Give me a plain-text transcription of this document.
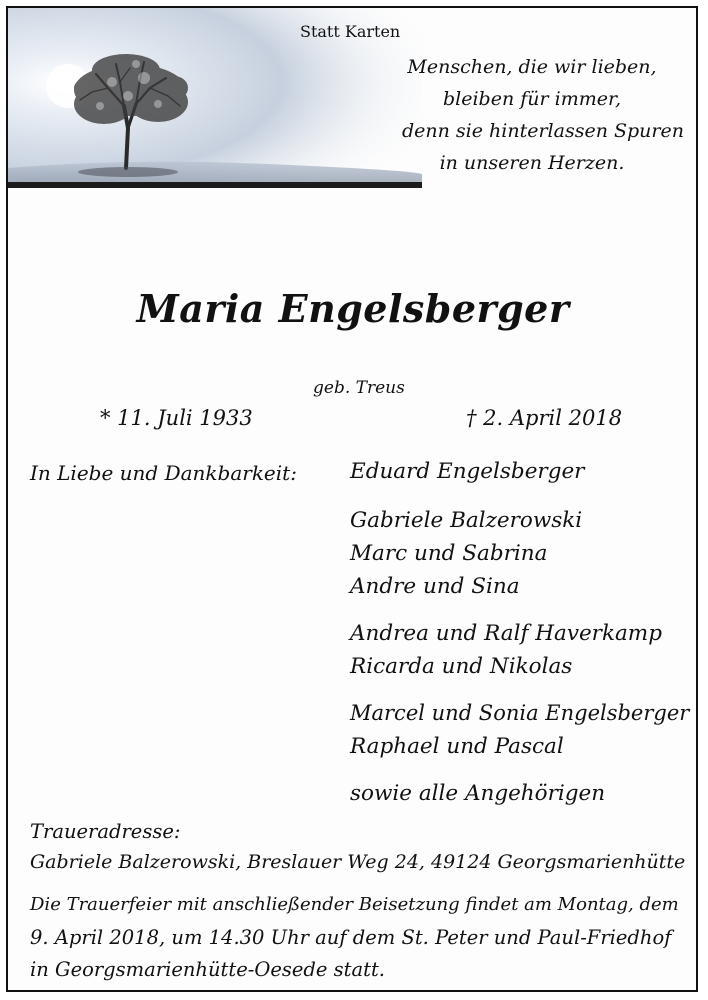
Statt Karten

Menschen, die wir lieben,

bleiben für immer,

denn sie hinterlassen Spuren

in unseren Herzen.

Maria Engelsberger

geb. Treus

* 11. Juli 1933	† 2. April 2018

In Liebe und Dankbarkeit: Eduard Engelsberger

Gabriele Balzerowski

Marc und Sabrina

Andre und Sina

Andrea und Ralf Haverkamp

Ricarda und Nikolas

Marcel und Sonia Engelsberger

Raphael und Pascal

sowie alle Angehörigen

Traueradresse:

Gabriele Balzerowski, Breslauer Weg 24, 49124 Georgsmarienhütte

Die Trauerfeier mit anschließender Beisetzung findet am Montag, dem

9. April 2018, um 14.30 Uhr auf dem St. Peter und Paul-Friedhof

in Georgsmarienhütte-Oesede statt.
